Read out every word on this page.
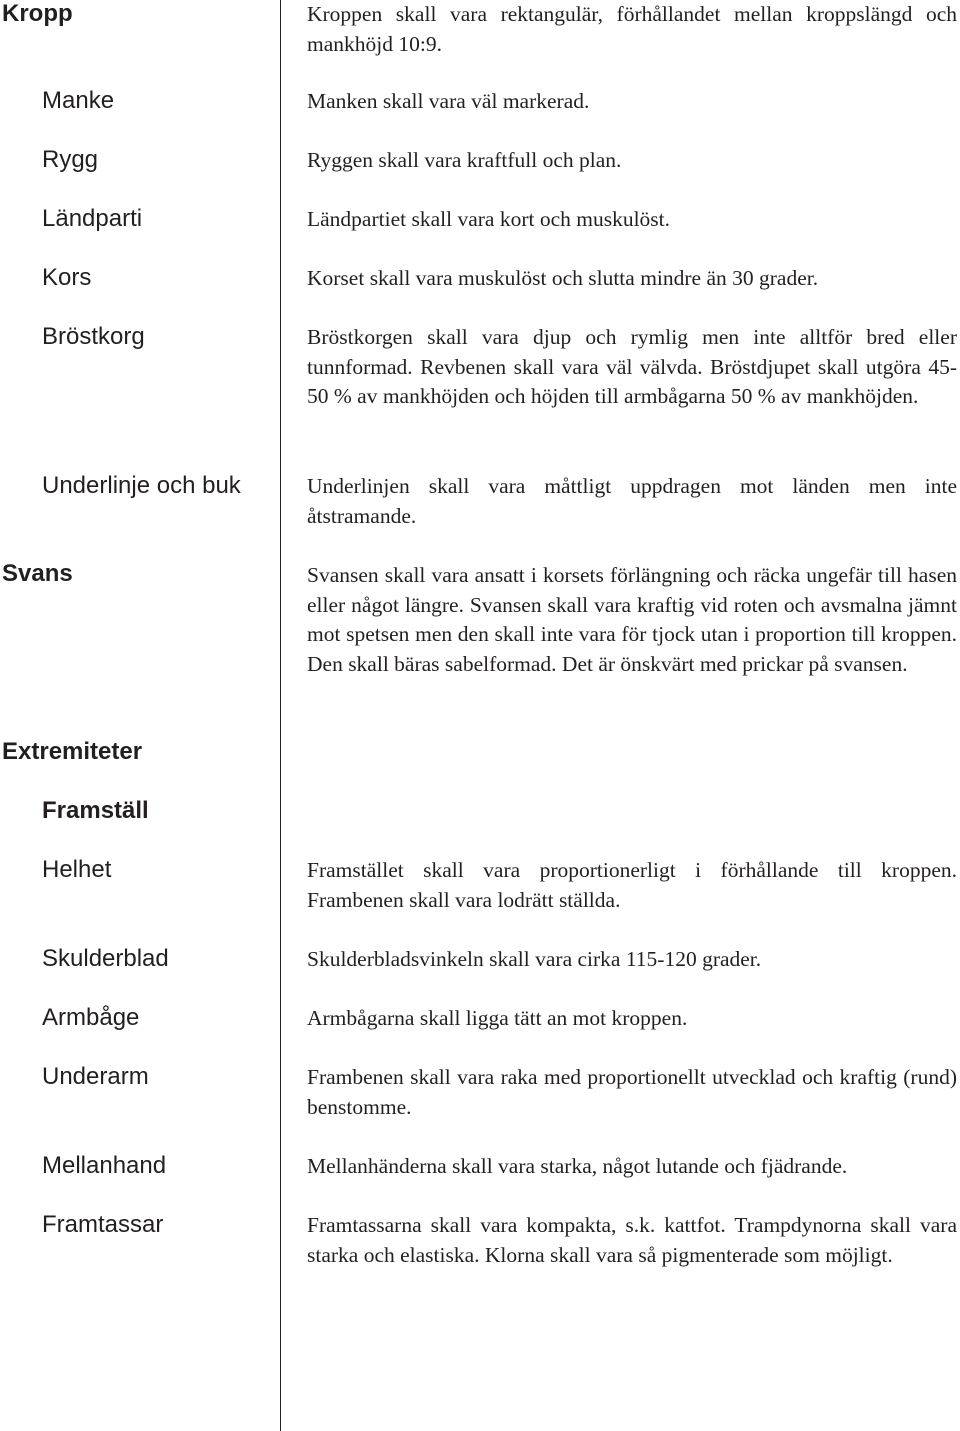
Kropp	Kroppen skall vara rektangulär, förhållandet mellan kroppslängd och mankhöjd 10:9.
Manke	Manken skall vara väl markerad.
Rygg	Ryggen skall vara kraftfull och plan.
Ländparti	Ländpartiet skall vara kort och muskulöst.
Kors	Korset skall vara muskulöst och slutta mindre än 30 grader.
Bröstkorg	Bröstkorgen skall vara djup och rymlig men inte alltför bred eller tunnformad. Revbenen skall vara väl välvda. Bröstdjupet skall utgöra 45-50 % av mankhöjden och höjden till armbågarna 50 % av mankhöjden.
Underlinje och buk	Underlinjen skall vara måttligt uppdragen mot länden men inte åtstramande.
Svans	Svansen skall vara ansatt i korsets förlängning och räcka ungefär till hasen eller något längre. Svansen skall vara kraftig vid roten och avsmalna jämnt mot spetsen men den skall inte vara för tjock utan i proportion till kroppen. Den skall bäras sabelformad. Det är önskvärt med prickar på svansen.
Extremiteter
Framställ
Helhet	Framstället skall vara proportionerligt i förhållande till kroppen. Frambenen skall vara lodrätt ställda.
Skulderblad	Skulderbladsvinkeln skall vara cirka 115-120 grader.
Armbåge	Armbågarna skall ligga tätt an mot kroppen.
Underarm	Frambenen skall vara raka med proportionellt utvecklad och kraftig (rund) benstomme.
Mellanhand	Mellanhänderna skall vara starka, något lutande och fjädrande.
Framtassar	Framtassarna skall vara kompakta, s.k. kattfot. Trampdynorna skall vara starka och elastiska. Klorna skall vara så pigmenterade som möjligt.
